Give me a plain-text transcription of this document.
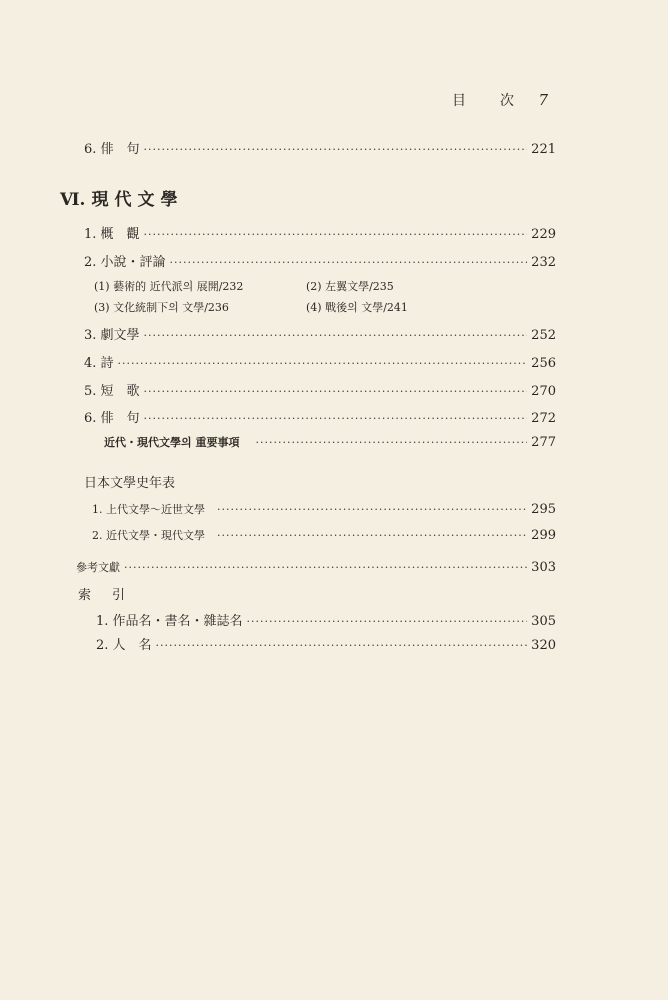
目　次 7
6. 俳　句 ·····	221
Ⅵ. 現代文學
1. 概　觀 ·····	229
2. 小說・評論 ·····	232
(1) 藝術的 近代派의 展開/232	(2) 左翼文學/235
(3) 文化統制下의 文學/236	(4) 戰後의 文學/241
3. 劇文學 ·····	252
4. 詩 ·····	256
5. 短　歌 ·····	270
6. 俳　句 ·····	272
近代・現代文學의 重要事項 ·····	277
日本文學史年表
1. 上代文學〜近世文學 ·····	295
2. 近代文學・現代文學 ·····	299
參考文獻 ·····	303
索　引
1. 作品名・書名・雜誌名 ·····	305
2. 人　名 ·····	320
